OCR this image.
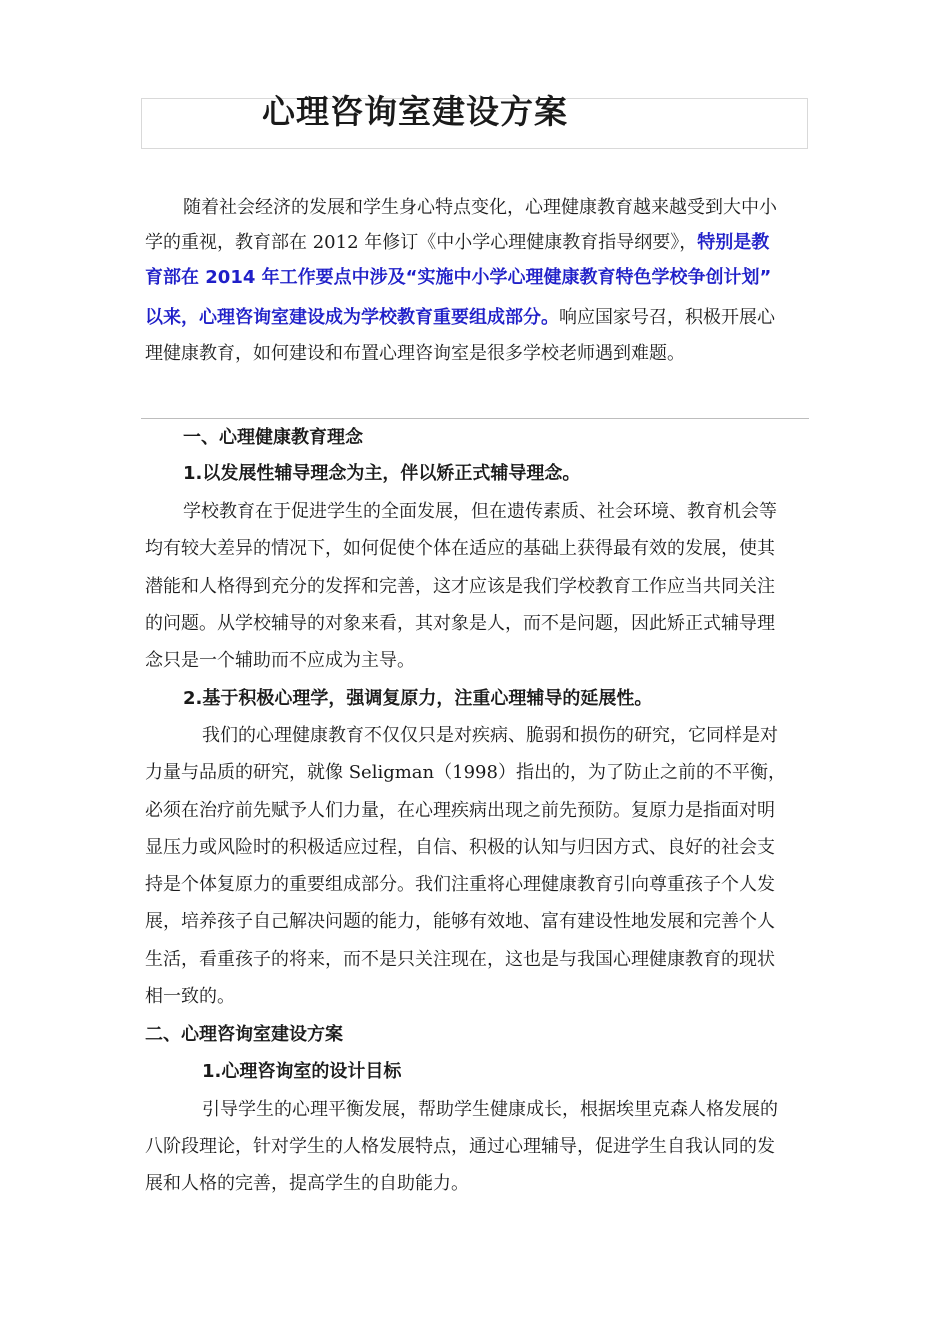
心理咨询室建设方案
随着社会经济的发展和学生身心特点变化，心理健康教育越来越受到大中小
学的重视，教育部在 2012 年修订《中小学心理健康教育指导纲要》，特别是教
育部在 2014 年工作要点中涉及“实施中小学心理健康教育特色学校争创计划”
以来，心理咨询室建设成为学校教育重要组成部分。响应国家号召，积极开展心
理健康教育，如何建设和布置心理咨询室是很多学校老师遇到难题。
一、心理健康教育理念
1.以发展性辅导理念为主，伴以矫正式辅导理念。
学校教育在于促进学生的全面发展，但在遗传素质、社会环境、教育机会等
均有较大差异的情况下，如何促使个体在适应的基础上获得最有效的发展，使其
潜能和人格得到充分的发挥和完善，这才应该是我们学校教育工作应当共同关注
的问题。从学校辅导的对象来看，其对象是人，而不是问题，因此矫正式辅导理
念只是一个辅助而不应成为主导。
2.基于积极心理学，强调复原力，注重心理辅导的延展性。
我们的心理健康教育不仅仅只是对疾病、脆弱和损伤的研究，它同样是对
力量与品质的研究，就像 Seligman（1998）指出的，为了防止之前的不平衡，
必须在治疗前先赋予人们力量，在心理疾病出现之前先预防。复原力是指面对明
显压力或风险时的积极适应过程，自信、积极的认知与归因方式、良好的社会支
持是个体复原力的重要组成部分。我们注重将心理健康教育引向尊重孩子个人发
展，培养孩子自己解决问题的能力，能够有效地、富有建设性地发展和完善个人
生活，看重孩子的将来，而不是只关注现在，这也是与我国心理健康教育的现状
相一致的。
二、心理咨询室建设方案
1.心理咨询室的设计目标
引导学生的心理平衡发展，帮助学生健康成长，根据埃里克森人格发展的
八阶段理论，针对学生的人格发展特点，通过心理辅导，促进学生自我认同的发
展和人格的完善，提高学生的自助能力。
